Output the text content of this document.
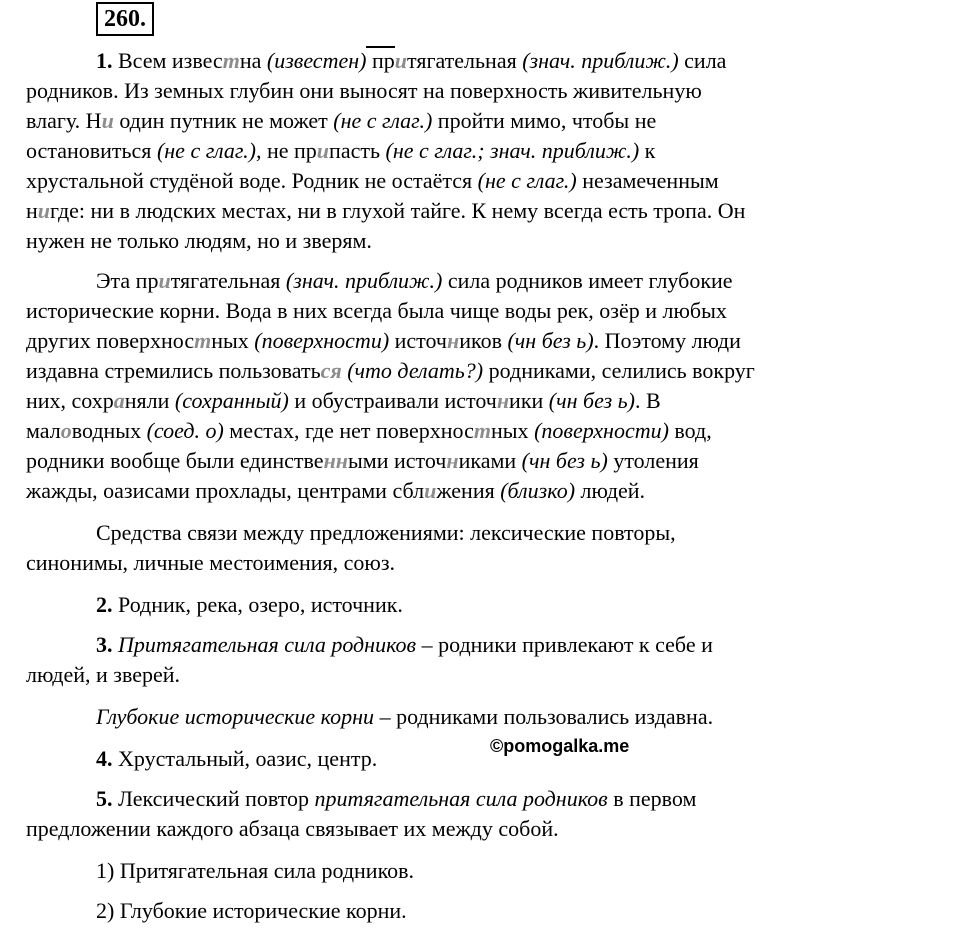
260.
1. Всем известна (известен) притягательная (знач. приближ.) сила
родников. Из земных глубин они выносят на поверхность живительную
влагу. Ни один путник не может (не с глаг.) пройти мимо, чтобы не
остановиться (не с глаг.), не припасть (не с глаг.; знач. приближ.) к
хрустальной студёной воде. Родник не остаётся (не с глаг.) незамеченным
нигде: ни в людских местах, ни в глухой тайге. К нему всегда есть тропа. Он
нужен не только людям, но и зверям.
Эта притягательная (знач. приближ.) сила родников имеет глубокие
исторические корни. Вода в них всегда была чище воды рек, озёр и любых
других поверхностных (поверхности) источников (чн без ь). Поэтому люди
издавна стремились пользоваться (что делать?) родниками, селились вокруг
них, сохраняли (сохранный) и обустраивали источники (чн без ь). В
маловодных (соед. о) местах, где нет поверхностных (поверхности) вод,
родники вообще были единственными источниками (чн без ь) утоления
жажды, оазисами прохлады, центрами сближения (близко) людей.
Средства связи между предложениями: лексические повторы,
синонимы, личные местоимения, союз.
2. Родник, река, озеро, источник.
3. Притягательная сила родников – родники привлекают к себе и
людей, и зверей.
Глубокие исторические корни – родниками пользовались издавна.
©pomogalka.me
4. Хрустальный, оазис, центр.
5. Лексический повтор притягательная сила родников в первом
предложении каждого абзаца связывает их между собой.
1) Притягательная сила родников.
2) Глубокие исторические корни.
